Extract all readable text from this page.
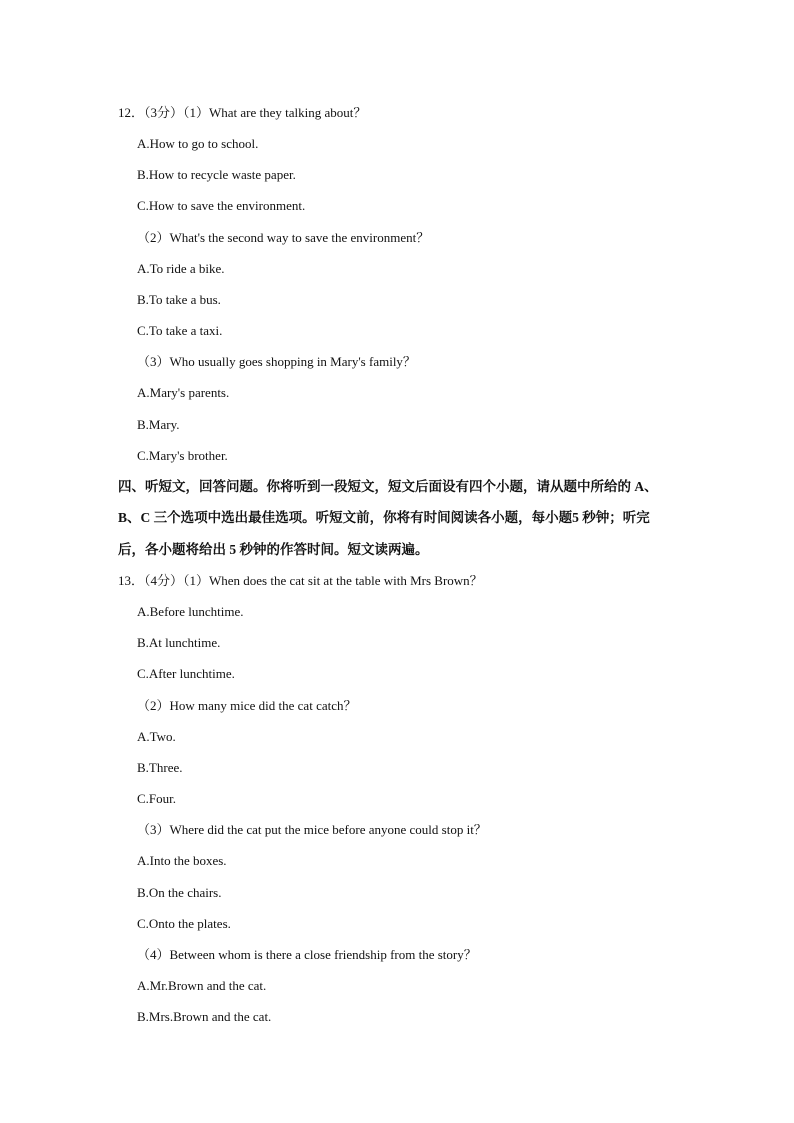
12．（3分）（1）What are they talking about？
A.How to go to school.
B.How to recycle waste paper.
C.How to save the environment.
（2）What's the second way to save the environment？
A.To ride a bike.
B.To take a bus.
C.To take a taxi.
（3）Who usually goes shopping in Mary's family？
A.Mary's parents.
B.Mary.
C.Mary's brother.
四、听短文，回答问题。你将听到一段短文，短文后面设有四个小题，请从题中所给的 A、
B、C 三个选项中选出最佳选项。听短文前，你将有时间阅读各小题，每小题5 秒钟；听完
后，各小题将给出 5 秒钟的作答时间。短文读两遍。
13．（4分）（1）When does the cat sit at the table with Mrs Brown？
A.Before lunchtime.
B.At lunchtime.
C.After lunchtime.
（2）How many mice did the cat catch？
A.Two.
B.Three.
C.Four.
（3）Where did the cat put the mice before anyone could stop it？
A.Into the boxes.
B.On the chairs.
C.Onto the plates.
（4）Between whom is there a close friendship from the story？
A.Mr.Brown and the cat.
B.Mrs.Brown and the cat.
